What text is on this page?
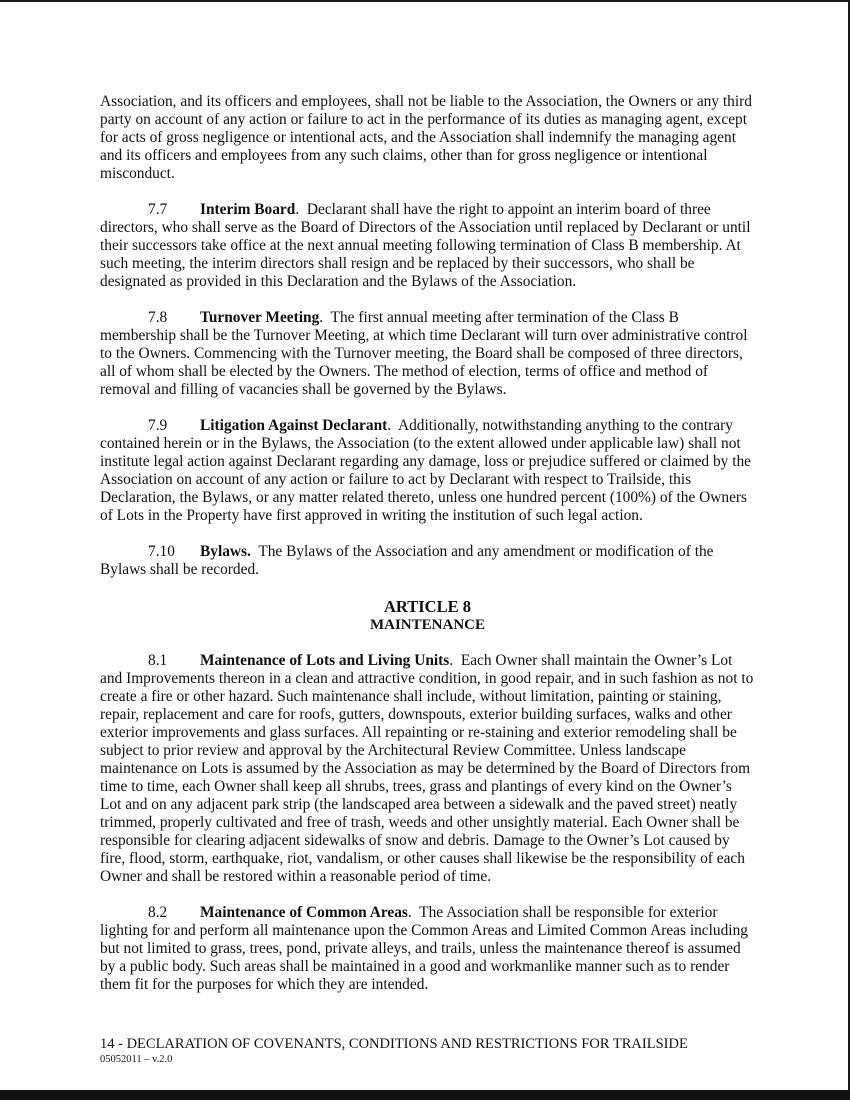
Association, and its officers and employees, shall not be liable to the Association, the Owners or any third party on account of any action or failure to act in the performance of its duties as managing agent, except for acts of gross negligence or intentional acts, and the Association shall indemnify the managing agent and its officers and employees from any such claims, other than for gross negligence or intentional misconduct.

7.7 Interim Board.  Declarant shall have the right to appoint an interim board of three directors, who shall serve as the Board of Directors of the Association until replaced by Declarant or until their successors take office at the next annual meeting following termination of Class B membership. At such meeting, the interim directors shall resign and be replaced by their successors, who shall be designated as provided in this Declaration and the Bylaws of the Association.

7.8 Turnover Meeting.  The first annual meeting after termination of the Class B membership shall be the Turnover Meeting, at which time Declarant will turn over administrative control to the Owners. Commencing with the Turnover meeting, the Board shall be composed of three directors, all of whom shall be elected by the Owners. The method of election, terms of office and method of removal and filling of vacancies shall be governed by the Bylaws.

7.9 Litigation Against Declarant.  Additionally, notwithstanding anything to the contrary contained herein or in the Bylaws, the Association (to the extent allowed under applicable law) shall not institute legal action against Declarant regarding any damage, loss or prejudice suffered or claimed by the Association on account of any action or failure to act by Declarant with respect to Trailside, this Declaration, the Bylaws, or any matter related thereto, unless one hundred percent (100%) of the Owners of Lots in the Property have first approved in writing the institution of such legal action.

7.10 Bylaws. The Bylaws of the Association and any amendment or modification of the Bylaws shall be recorded.

ARTICLE 8
MAINTENANCE

8.1 Maintenance of Lots and Living Units.  Each Owner shall maintain the Owner’s Lot and Improvements thereon in a clean and attractive condition, in good repair, and in such fashion as not to create a fire or other hazard. Such maintenance shall include, without limitation, painting or staining, repair, replacement and care for roofs, gutters, downspouts, exterior building surfaces, walks and other exterior improvements and glass surfaces. All repainting or re-staining and exterior remodeling shall be subject to prior review and approval by the Architectural Review Committee. Unless landscape maintenance on Lots is assumed by the Association as may be determined by the Board of Directors from time to time, each Owner shall keep all shrubs, trees, grass and plantings of every kind on the Owner’s Lot and on any adjacent park strip (the landscaped area between a sidewalk and the paved street) neatly trimmed, properly cultivated and free of trash, weeds and other unsightly material. Each Owner shall be responsible for clearing adjacent sidewalks of snow and debris. Damage to the Owner’s Lot caused by fire, flood, storm, earthquake, riot, vandalism, or other causes shall likewise be the responsibility of each Owner and shall be restored within a reasonable period of time.

8.2 Maintenance of Common Areas.  The Association shall be responsible for exterior lighting for and perform all maintenance upon the Common Areas and Limited Common Areas including but not limited to grass, trees, pond, private alleys, and trails, unless the maintenance thereof is assumed by a public body. Such areas shall be maintained in a good and workmanlike manner such as to render them fit for the purposes for which they are intended.

14 - DECLARATION OF COVENANTS, CONDITIONS AND RESTRICTIONS FOR TRAILSIDE
05052011 – v.2.0
